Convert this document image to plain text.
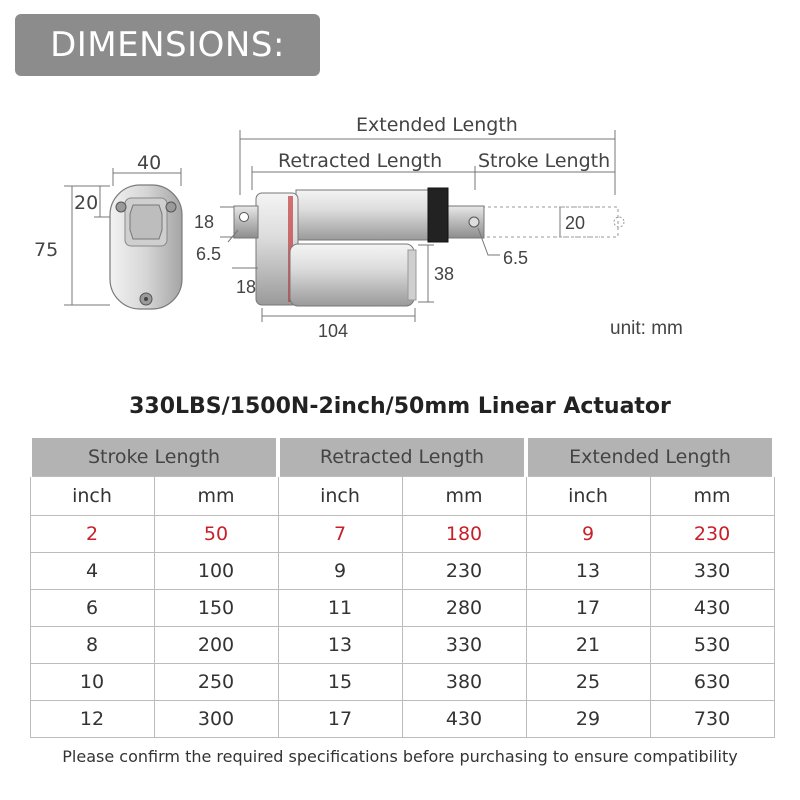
DIMENSIONS:
40
75
20
Extended Length
Retracted Length Stroke Length
20
18
6.5
18
38
104
6.5
unit: mm
330LBS/1500N-2inch/50mm Linear Actuator
Stroke Length		Retracted Length		Extended Length	
inch	mm	inch	mm	inch	mm
2	50	7	180	9	230
4	100	9	230	13	330
6	150	11	280	17	430
8	200	13	330	21	530
10	250	15	380	25	630
12	300	17	430	29	730
Please confirm the required specifications before purchasing to ensure compatibility
